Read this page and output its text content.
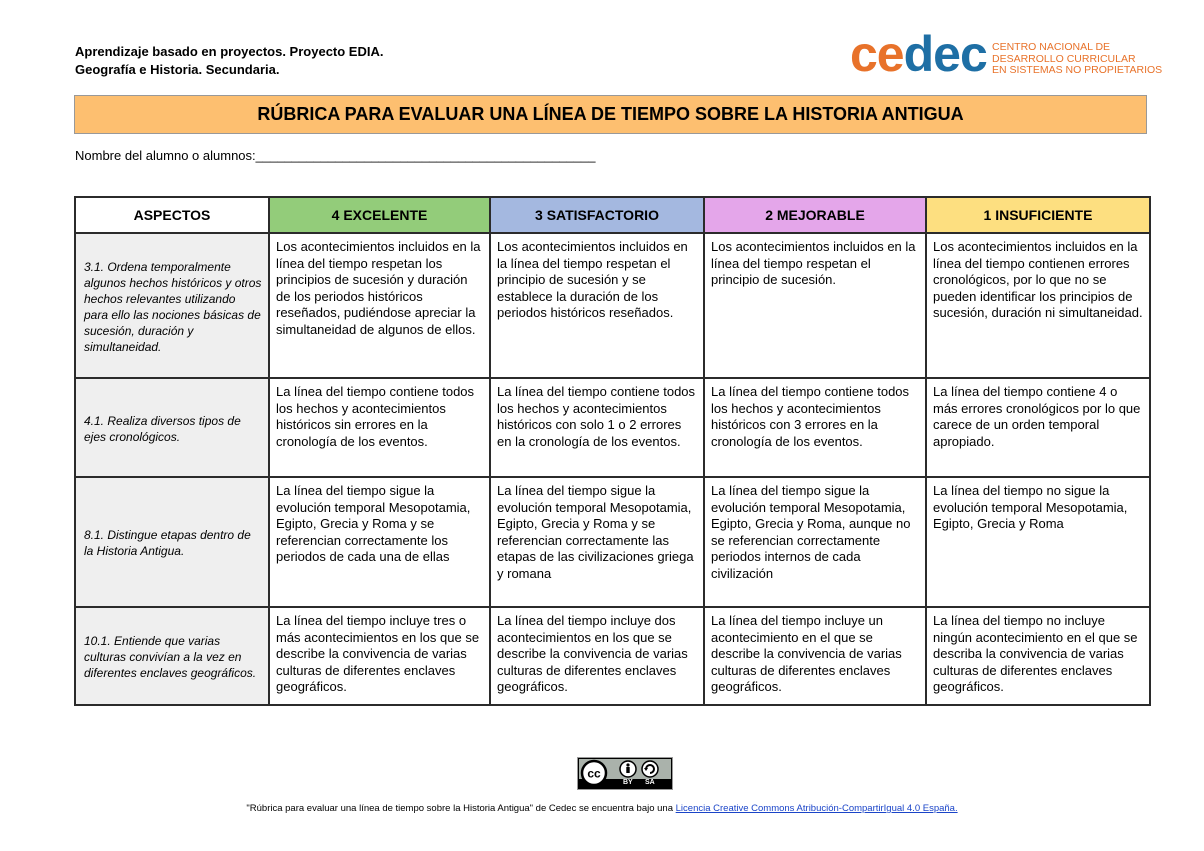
Aprendizaje basado en proyectos. Proyecto EDIA.
Geografía e Historia. Secundaria.	cedec CENTRO NACIONAL DE
DESARROLLO CURRICULAR
EN SISTEMAS NO PROPIETARIOS
RÚBRICA PARA EVALUAR UNA LÍNEA DE TIEMPO SOBRE LA HISTORIA ANTIGUA
Nombre del alumno o alumnos:_______________________________________________
ASPECTOS	4 EXCELENTE	3 SATISFACTORIO	2 MEJORABLE	1 INSUFICIENTE
3.1. Ordena temporalmente algunos hechos históricos y otros hechos relevantes utilizando para ello las nociones básicas de sucesión, duración y simultaneidad.	Los acontecimientos incluidos en la línea del tiempo respetan los principios de sucesión y duración de los periodos históricos reseñados, pudiéndose apreciar la simultaneidad de algunos de ellos.	Los acontecimientos incluidos en la línea del tiempo respetan el principio de sucesión y se establece la duración de los periodos históricos reseñados.	Los acontecimientos incluidos en la línea del tiempo respetan el principio de sucesión.	Los acontecimientos incluidos en la línea del tiempo contienen errores cronológicos, por lo que no se pueden identificar los principios de sucesión, duración ni simultaneidad.
4.1. Realiza diversos tipos de ejes cronológicos.	La línea del tiempo contiene todos los hechos y acontecimientos históricos sin errores en la cronología de los eventos.	La línea del tiempo contiene todos los hechos y acontecimientos históricos con solo 1 o 2 errores en la cronología de los eventos.	La línea del tiempo contiene todos los hechos y acontecimientos históricos con 3 errores en la cronología de los eventos.	La línea del tiempo contiene 4 o más errores cronológicos por lo que carece de un orden temporal apropiado.
8.1. Distingue etapas dentro de la Historia Antigua.	La línea del tiempo sigue la evolución temporal Mesopotamia, Egipto, Grecia y Roma y se referencian correctamente los periodos de cada una de ellas	La línea del tiempo sigue la evolución temporal Mesopotamia, Egipto, Grecia y Roma y se referencian correctamente las etapas de las civilizaciones griega y romana	La línea del tiempo sigue la evolución temporal Mesopotamia, Egipto, Grecia y Roma, aunque no se referencian correctamente periodos internos de cada civilización	La línea del tiempo no sigue la evolución temporal Mesopotamia, Egipto, Grecia y Roma
10.1. Entiende que varias culturas convivían a la vez en diferentes enclaves geográficos.	La línea del tiempo incluye tres o más acontecimientos en los que se describe la convivencia de varias culturas de diferentes enclaves geográficos.	La línea del tiempo incluye dos acontecimientos en los que se describe la convivencia de varias culturas de diferentes enclaves geográficos.	La línea del tiempo incluye un acontecimiento en el que se describe la convivencia de varias culturas de diferentes enclaves geográficos.	La línea del tiempo no incluye ningún acontecimiento en el que se describa la convivencia de varias culturas de diferentes enclaves geográficos.
cc
BY SA
"Rúbrica para evaluar una línea de tiempo sobre la Historia Antigua" de Cedec se encuentra bajo una Licencia Creative Commons Atribución-CompartirIgual 4.0 España.
